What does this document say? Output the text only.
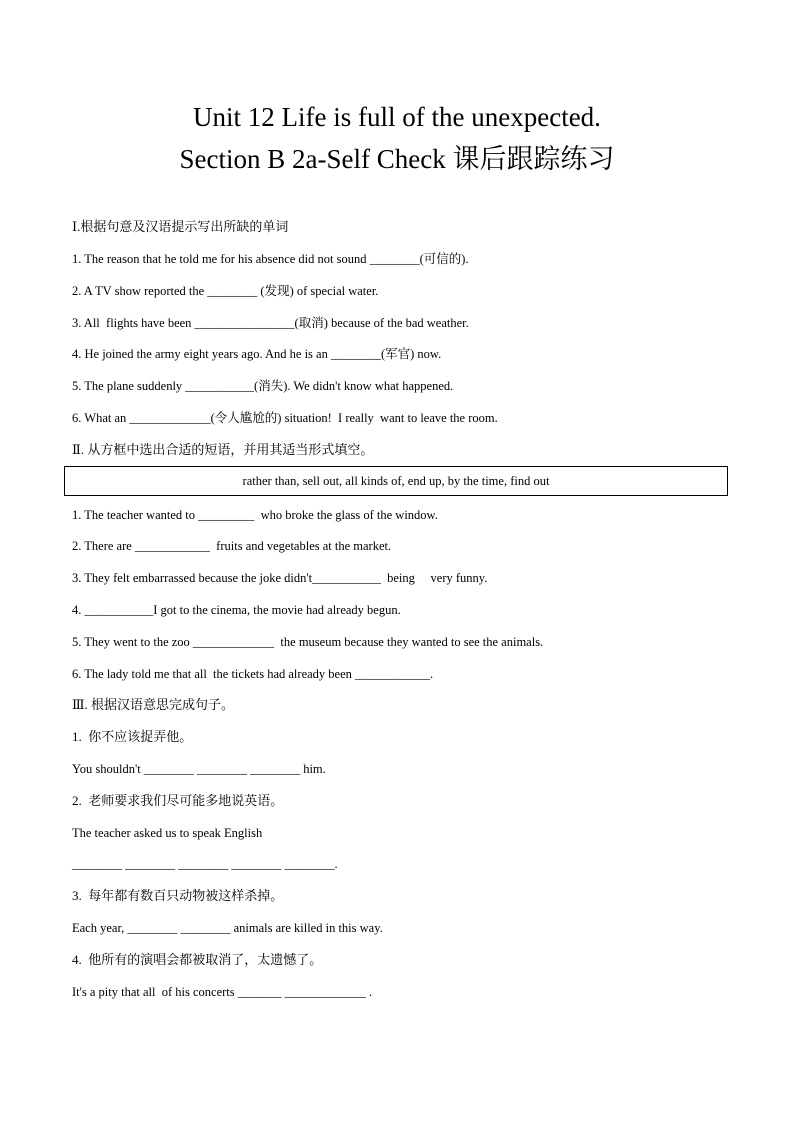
Unit 12 Life is full of the unexpected.
Section B 2a-Self Check 课后跟踪练习
Ⅰ.根据句意及汉语提示写出所缺的单词
1. The reason that he told me for his absence did not sound ________(可信的).
2. A TV show reported the ________ (发现) of special water.
3. All  flights have been ________________(取消) because of the bad weather.
4. He joined the army eight years ago. And he is an ________(军官) now.
5. The plane suddenly ___________(消失). We didn't know what happened.
6. What an _____________(令人尴尬的) situation!  I really  want to leave the room.
Ⅱ. 从方框中选出合适的短语，并用其适当形式填空。
rather than, sell out, all kinds of, end up, by the time, find out
1. The teacher wanted to _________  who broke the glass of the window.
2. There are ____________  fruits and vegetables at the market.
3. They felt embarrassed because the joke didn't___________  being     very funny.
4. ___________I got to the cinema, the movie had already begun.
5. They went to the zoo _____________  the museum because they wanted to see the animals.
6. The lady told me that all  the tickets had already been ____________.
Ⅲ. 根据汉语意思完成句子。
1.  你不应该捉弄他。
You shouldn't ________ ________ ________ him.
2.  老师要求我们尽可能多地说英语。
The teacher asked us to speak English
________ ________ ________ ________ ________.
3.  每年都有数百只动物被这样杀掉。
Each year, ________ ________ animals are killed in this way.
4.  他所有的演唱会都被取消了，太遗憾了。
It's a pity that all  of his concerts _______ _____________ .
